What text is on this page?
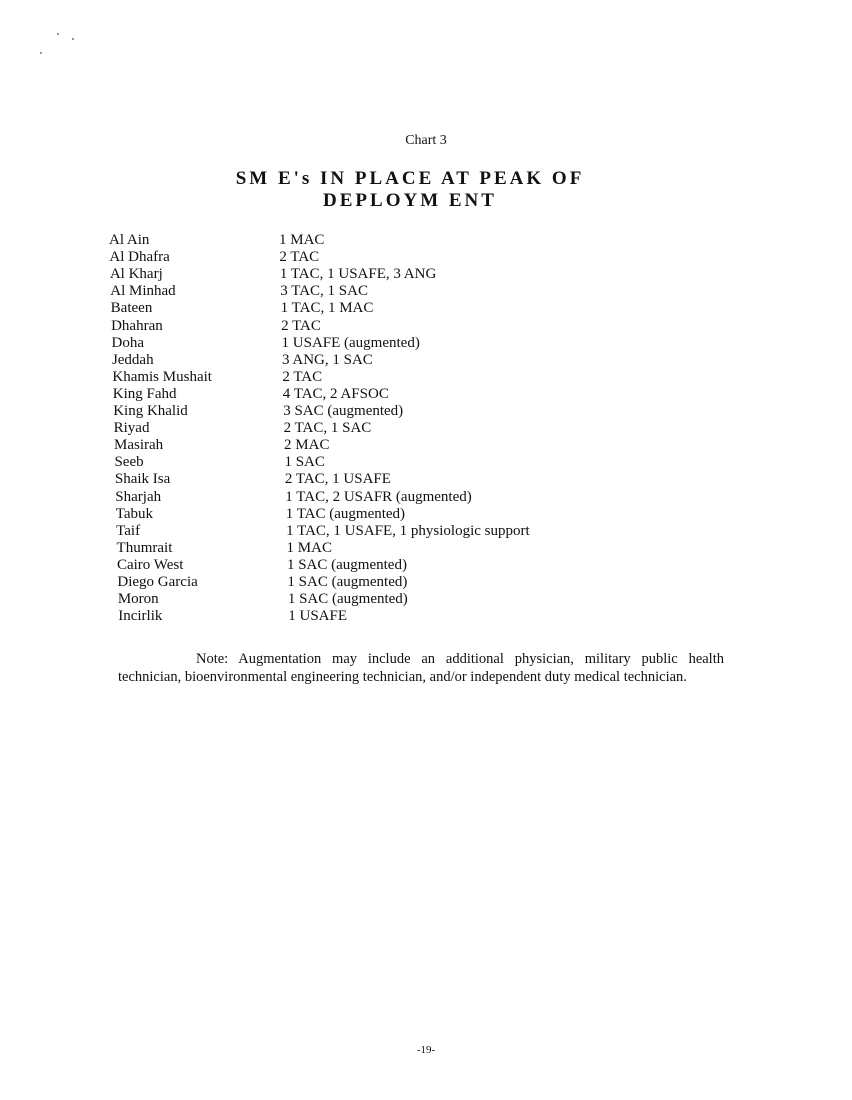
Chart 3
SM E's IN PLACE AT PEAK OF
DEPLOYM ENT
Al Ain	1 MAC
Al Dhafra	2 TAC
Al Kharj	1 TAC, 1 USAFE, 3 ANG
Al Minhad	3 TAC, 1 SAC
Bateen	1 TAC, 1 MAC
Dhahran	2 TAC
Doha	1 USAFE (augmented)
Jeddah	3 ANG, 1 SAC
Khamis Mushait	2 TAC
King Fahd	4 TAC, 2 AFSOC
King Khalid	3 SAC (augmented)
Riyad	2 TAC, 1 SAC
Masirah	2 MAC
Seeb	1 SAC
Shaik Isa	2 TAC, 1 USAFE
Sharjah	1 TAC, 2 USAFR (augmented)
Tabuk	1 TAC (augmented)
Taif	1 TAC, 1 USAFE, 1 physiologic support
Thumrait	1 MAC
Cairo West	1 SAC (augmented)
Diego Garcia	1 SAC (augmented)
Moron	1 SAC (augmented)
Incirlik	1 USAFE
Note: Augmentation may include an additional physician, military public health technician, bioenvironmental engineering technician, and/or independent duty medical technician.
-19-
